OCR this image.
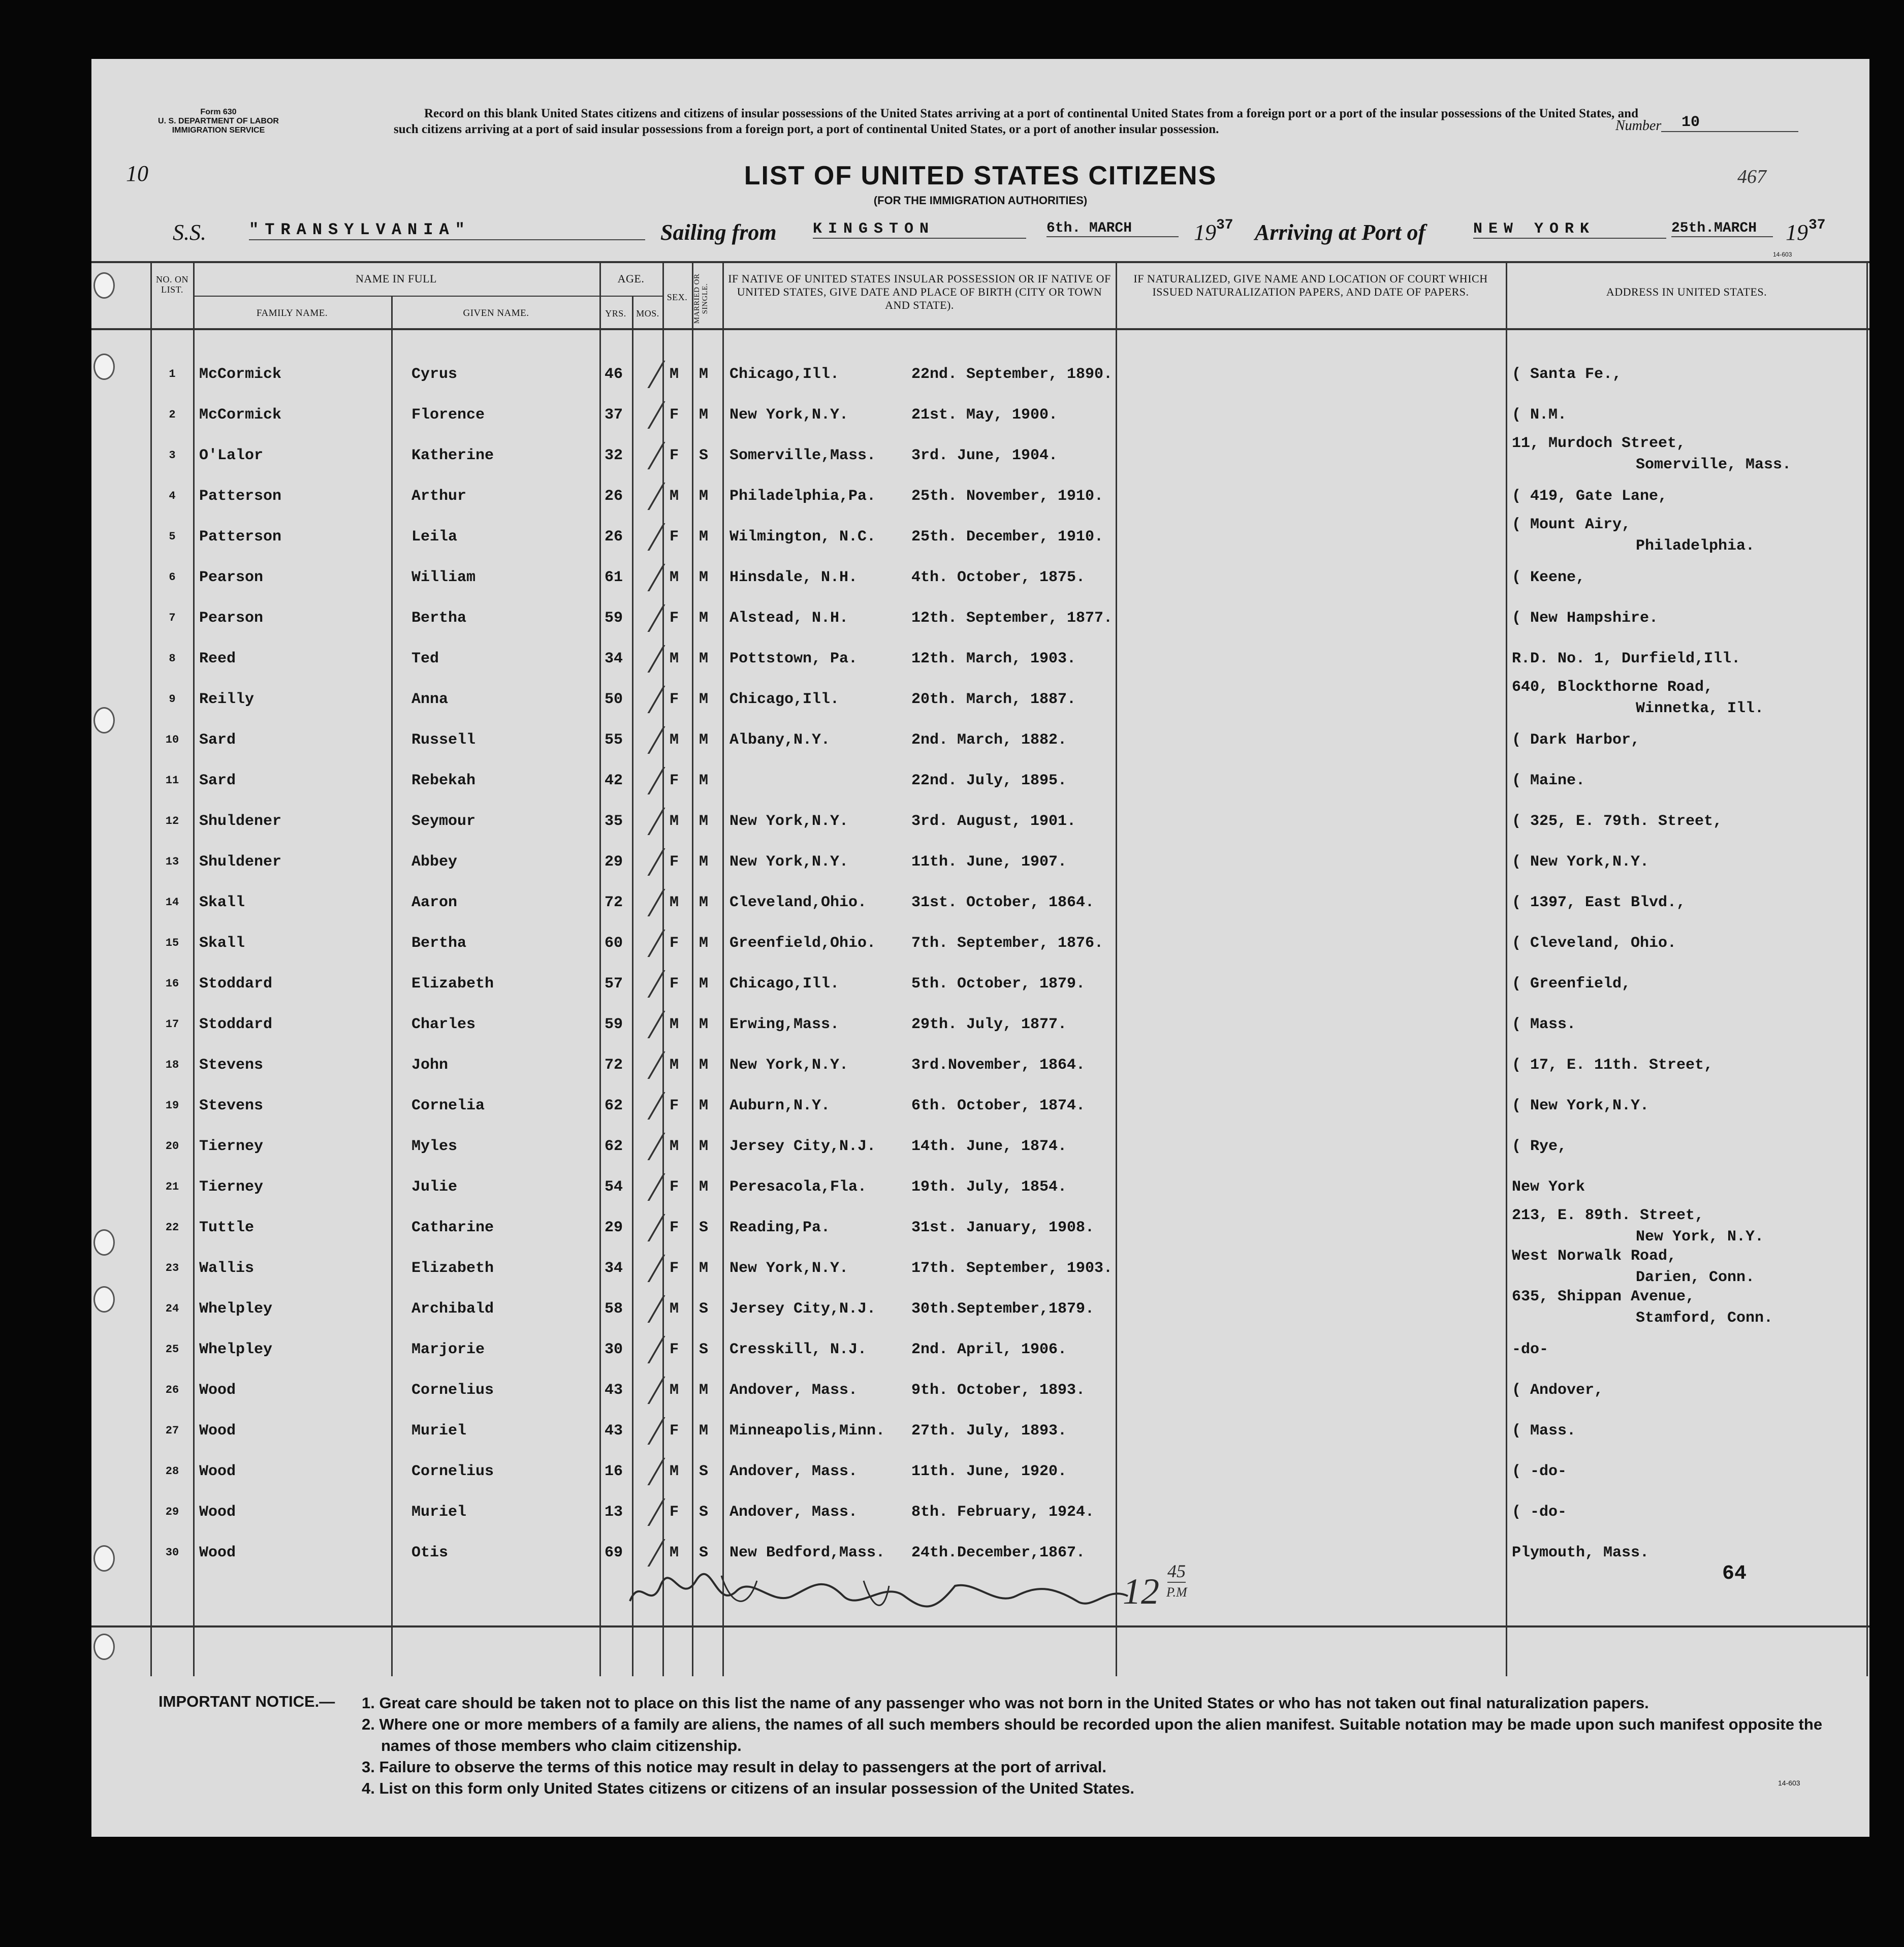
Form 630
U. S. DEPARTMENT OF LABOR
IMMIGRATION SERVICE
10
Record on this blank United States citizens and citizens of insular possessions of the United States arriving at a port of continental United States from a foreign port or a port of the insular possessions of the United States, and such citizens arriving at a port of said insular possessions from a foreign port, a port of continental United States, or a port of another insular possession.	Number	10
467
LIST OF UNITED STATES CITIZENS
(FOR THE IMMIGRATION AUTHORITIES)
S.S.	"TRANSYLVANIA"	Sailing from KINGSTON	6th. MARCH	19 37 Arriving at Port of	NEW YORK	25th.MARCH	19 37
14-603
NO. ON LIST.
NAME IN FULL
FAMILY NAME.	GIVEN NAME.
AGE.
YRS.	MOS.
SEX. MARRIED OR SINGLE.
IF NATIVE OF UNITED STATES INSULAR POSSESSION OR IF NATIVE OF UNITED STATES, GIVE DATE AND PLACE OF BIRTH (CITY OR TOWN AND STATE).
IF NATURALIZED, GIVE NAME AND LOCATION OF COURT WHICH ISSUED NATURALIZATION PAPERS, AND DATE OF PAPERS.	ADDRESS IN UNITED STATES.
1	McCormick	Cyrus	46	M M Chicago,Ill.	22nd. September, 1890.	( Santa Fe.,
2	McCormick	Florence	37	F M New York,N.Y.	21st. May, 1900.	( N.M.
3	O'Lalor	Katherine	32	F S Somerville,Mass. 3rd. June, 1904.
11, Murdoch Street,
Somerville, Mass.
4	Patterson	Arthur	26	M M Philadelphia,Pa. 25th. November, 1910.	( 419, Gate Lane,
5	Patterson	Leila	26	F M Wilmington, N.C. 25th. December, 1910.
( Mount Airy,
Philadelphia.
6	Pearson	William	61	M M Hinsdale, N.H.	4th. October, 1875.	( Keene,
7	Pearson	Bertha	59	F M Alstead, N.H.	12th. September, 1877.	( New Hampshire.
8	Reed	Ted	34	M M Pottstown, Pa.	12th. March, 1903.	R.D. No. 1, Durfield,Ill.
9	Reilly	Anna	50	F M Chicago,Ill.	20th. March, 1887.
640, Blockthorne Road,
Winnetka, Ill.
10	Sard	Russell	55	M M Albany,N.Y.	2nd. March, 1882.	( Dark Harbor,
11	Sard	Rebekah	42	F M	22nd. July, 1895.	( Maine.
12	Shuldener	Seymour	35	M M New York,N.Y.	3rd. August, 1901.	( 325, E. 79th. Street,
13	Shuldener	Abbey	29	F M New York,N.Y.	11th. June, 1907.	( New York,N.Y.
14	Skall	Aaron	72	M M Cleveland,Ohio.	31st. October, 1864.	( 1397, East Blvd.,
15	Skall	Bertha	60	F M Greenfield,Ohio. 7th. September, 1876.	( Cleveland, Ohio.
16	Stoddard	Elizabeth	57	F M Chicago,Ill.	5th. October, 1879.	( Greenfield,
17	Stoddard	Charles	59	M M Erwing,Mass.	29th. July, 1877.	( Mass.
18	Stevens	John	72	M M New York,N.Y.	3rd.November, 1864.	( 17, E. 11th. Street,
19	Stevens	Cornelia	62	F M Auburn,N.Y.	6th. October, 1874.	( New York,N.Y.
20	Tierney	Myles	62	M M Jersey City,N.J. 14th. June, 1874.	( Rye,
21	Tierney	Julie	54	F M Peresacola,Fla.	19th. July, 1854.	New York
22	Tuttle	Catharine	29	F S Reading,Pa.	31st. January, 1908.
213, E. 89th. Street,
New York, N.Y.
23	Wallis	Elizabeth	34	F M New York,N.Y.	17th. September, 1903.
West Norwalk Road,
Darien, Conn.
24	Whelpley	Archibald	58	M S Jersey City,N.J. 30th.September,1879.
635, Shippan Avenue,
Stamford, Conn.
25	Whelpley	Marjorie	30	F S Cresskill, N.J.	2nd. April, 1906.	-do-
26	Wood	Cornelius	43	M M Andover, Mass.	9th. October, 1893.	( Andover,
27	Wood	Muriel	43	F M Minneapolis,Minn. 27th. July, 1893.	( Mass.
28	Wood	Cornelius	16	M S Andover, Mass.	11th. June, 1920.	( -do-
29	Wood	Muriel	13	F S Andover, Mass.	8th. February, 1924.	( -do-
30	Wood	Otis	69	M S New Bedford,Mass. 24th.December,1867.	Plymouth, Mass.
12 45
P.M
64
IMPORTANT NOTICE.— 1. Great care should be taken not to place on this list the name of any passenger who was not born in the United States or who has not taken out final naturalization papers.
2. Where one or more members of a family are aliens, the names of all such members should be recorded upon the alien manifest. Suitable notation may be made upon such manifest opposite the names of those members who claim citizenship.
3. Failure to observe the terms of this notice may result in delay to passengers at the port of arrival.
4. List on this form only United States citizens or citizens of an insular possession of the United States.	14-603
